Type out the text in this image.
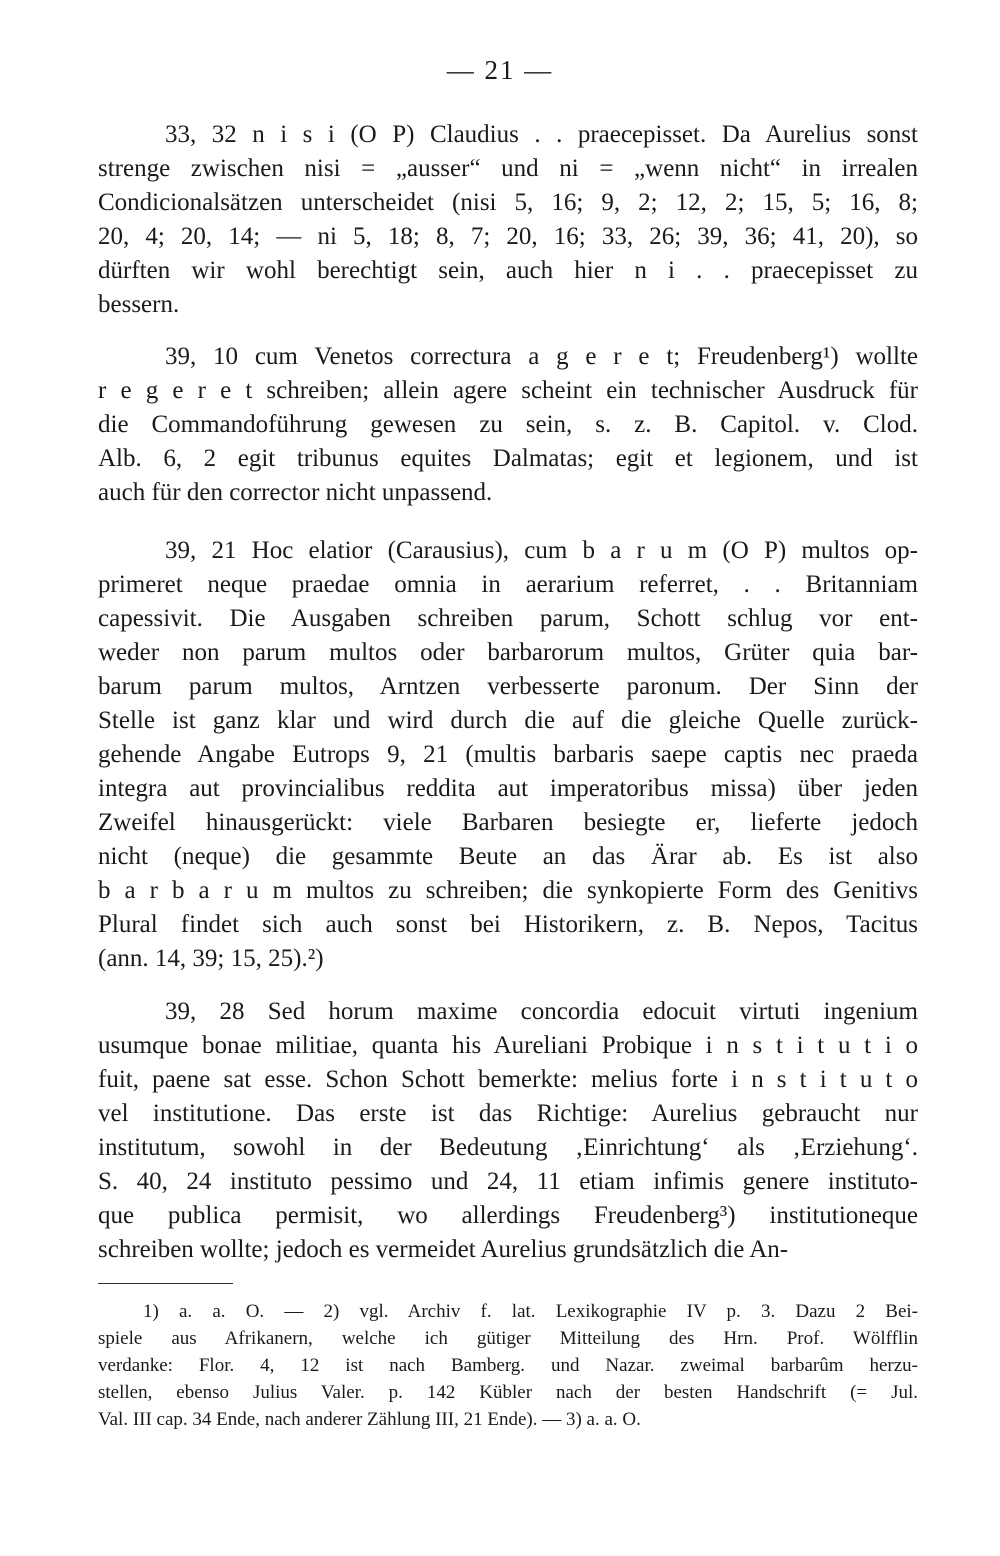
— 21 —
33, 32 n i s i (O P) Claudius . . praecepisset. Da Aurelius sonst
strenge zwischen nisi = „ausser“ und ni = „wenn nicht“ in irrealen
Condicionalsätzen unterscheidet (nisi 5, 16; 9, 2; 12, 2; 15, 5; 16, 8;
20, 4; 20, 14; — ni 5, 18; 8, 7; 20, 16; 33, 26; 39, 36; 41, 20), so
dürften wir wohl berechtigt sein, auch hier n i . . praecepisset zu
bessern.
39, 10 cum Venetos correctura a g e r e t; Freudenberg¹) wollte
r e g e r e t schreiben; allein agere scheint ein technischer Ausdruck für
die Commandoführung gewesen zu sein, s. z. B. Capitol. v. Clod.
Alb. 6, 2 egit tribunus equites Dalmatas; egit et legionem, und ist
auch für den corrector nicht unpassend.
39, 21 Hoc elatior (Carausius), cum b a r u m (O P) multos op-
primeret neque praedae omnia in aerarium referret, . . Britanniam
capessivit. Die Ausgaben schreiben parum, Schott schlug vor ent-
weder non parum multos oder barbarorum multos, Grüter quia bar-
barum parum multos, Arntzen verbesserte paronum. Der Sinn der
Stelle ist ganz klar und wird durch die auf die gleiche Quelle zurück-
gehende Angabe Eutrops 9, 21 (multis barbaris saepe captis nec praeda
integra aut provincialibus reddita aut imperatoribus missa) über jeden
Zweifel hinausgerückt: viele Barbaren besiegte er, lieferte jedoch
nicht (neque) die gesammte Beute an das Ärar ab. Es ist also
b a r b a r u m multos zu schreiben; die synkopierte Form des Genitivs
Plural findet sich auch sonst bei Historikern, z. B. Nepos, Tacitus
(ann. 14, 39; 15, 25).²)
39, 28 Sed horum maxime concordia edocuit virtuti ingenium
usumque bonae militiae, quanta his Aureliani Probique i n s t i t u t i o
fuit, paene sat esse. Schon Schott bemerkte: melius forte i n s t i t u t o
vel institutione. Das erste ist das Richtige: Aurelius gebraucht nur
institutum, sowohl in der Bedeutung ‚Einrichtung‘ als ‚Erziehung‘.
S. 40, 24 instituto pessimo und 24, 11 etiam infimis genere instituto-
que publica permisit, wo allerdings Freudenberg³) institutioneque
schreiben wollte; jedoch es vermeidet Aurelius grundsätzlich die An-
1) a. a. O. — 2) vgl. Archiv f. lat. Lexikographie IV p. 3. Dazu 2 Bei-
spiele aus Afrikanern, welche ich gütiger Mitteilung des Hrn. Prof. Wölfflin
verdanke: Flor. 4, 12 ist nach Bamberg. und Nazar. zweimal barbarûm herzu-
stellen, ebenso Julius Valer. p. 142 Kübler nach der besten Handschrift (= Jul.
Val. III cap. 34 Ende, nach anderer Zählung III, 21 Ende). — 3) a. a. O.
